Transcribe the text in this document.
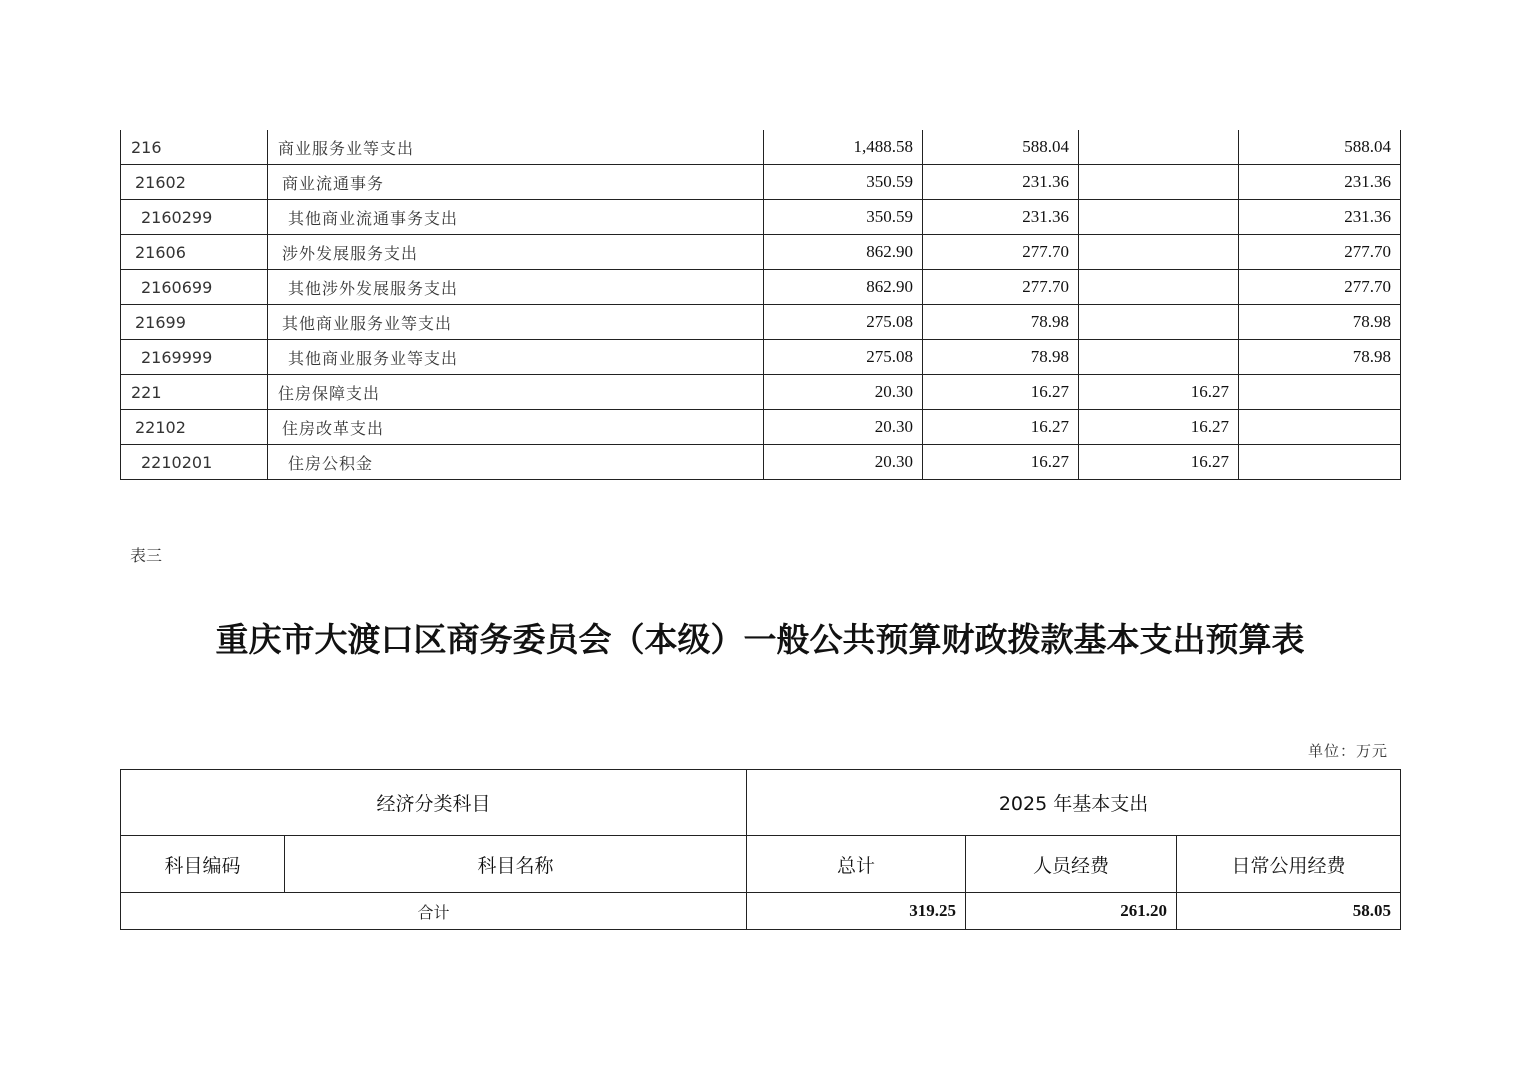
216	商业服务业等支出	1,488.58	588.04		588.04
21602	商业流通事务	350.59	231.36		231.36
2160299	其他商业流通事务支出	350.59	231.36		231.36
21606	涉外发展服务支出	862.90	277.70		277.70
2160699	其他涉外发展服务支出	862.90	277.70		277.70
21699	其他商业服务业等支出	275.08	78.98		78.98
2169999	其他商业服务业等支出	275.08	78.98		78.98
221	住房保障支出	20.30	16.27	16.27	
22102	住房改革支出	20.30	16.27	16.27	
2210201	住房公积金	20.30	16.27	16.27	
表三
重庆市大渡口区商务委员会（本级）一般公共预算财政拨款基本支出预算表
单位：万元
经济分类科目		2025 年基本支出		
科目编码	科目名称	总计	人员经费	日常公用经费
合计		319.25	261.20	58.05
